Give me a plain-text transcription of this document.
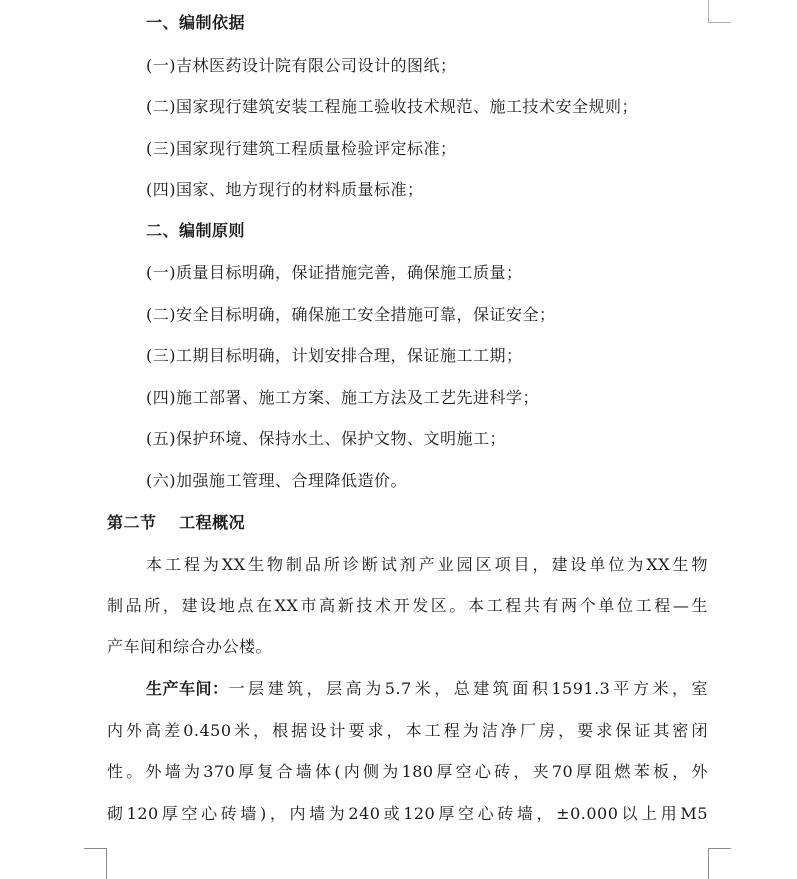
一、编制依据
(一)吉林医药设计院有限公司设计的图纸；
(二)国家现行建筑安装工程施工验收技术规范、施工技术安全规则；
(三)国家现行建筑工程质量检验评定标准；
(四)国家、地方现行的材料质量标准；
二、编制原则
(一)质量目标明确，保证措施完善，确保施工质量；
(二)安全目标明确，确保施工安全措施可靠，保证安全；
(三)工期目标明确，计划安排合理，保证施工工期；
(四)施工部署、施工方案、施工方法及工艺先进科学；
(五)保护环境、保持水土、保护文物、文明施工；
(六)加强施工管理、合理降低造价。
第二节　 工程概况
本工程为XX生物制品所诊断试剂产业园区项目，建设单位为XX生物
制品所，建设地点在XX市高新技术开发区。本工程共有两个单位工程—生
产车间和综合办公楼。
生产车间： 一层建筑，层高为5.7米，总建筑面积1591.3平方米，室
内外高差0.450米，根据设计要求，本工程为洁净厂房，要求保证其密闭
性。外墙为370厚复合墙体(内侧为180厚空心砖，夹70厚阻燃苯板，外
砌120厚空心砖墙)，内墙为240或120厚空心砖墙，±0.000以上用M5
